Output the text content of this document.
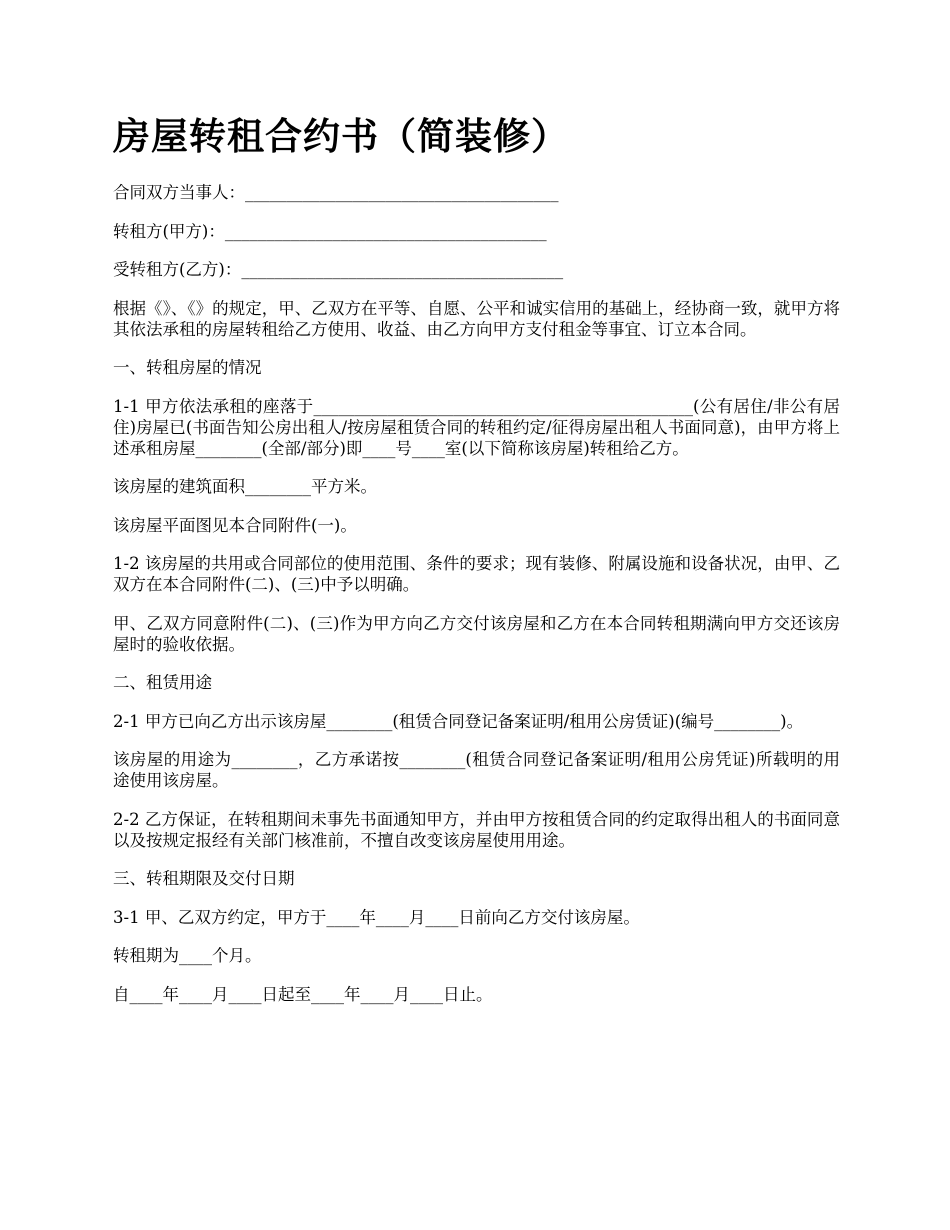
房屋转租合约书（简装修）

合同双方当事人：______________________________________

转租方(甲方)：_______________________________________

受转租方(乙方)：_______________________________________

根据《》、《》的规定，甲、乙双方在平等、自愿、公平和诚实信用的基础上，经协商一致，就甲方将其依法承租的房屋转租给乙方使用、收益、由乙方向甲方支付租金等事宜、订立本合同。

一、转租房屋的情况

1-1 甲方依法承租的座落于______________________________________________(公有居住/非公有居住)房屋已(书面告知公房出租人/按房屋租赁合同的转租约定/征得房屋出租人书面同意)，由甲方将上述承租房屋________(全部/部分)即____号____室(以下简称该房屋)转租给乙方。

该房屋的建筑面积________平方米。

该房屋平面图见本合同附件(一)。

1-2 该房屋的共用或合同部位的使用范围、条件的要求；现有装修、附属设施和设备状况，由甲、乙双方在本合同附件(二)、(三)中予以明确。

甲、乙双方同意附件(二)、(三)作为甲方向乙方交付该房屋和乙方在本合同转租期满向甲方交还该房屋时的验收依据。

二、租赁用途

2-1 甲方已向乙方出示该房屋________(租赁合同登记备案证明/租用公房赁证)(编号________)。

该房屋的用途为________，乙方承诺按________(租赁合同登记备案证明/租用公房凭证)所载明的用途使用该房屋。

2-2 乙方保证，在转租期间未事先书面通知甲方，并由甲方按租赁合同的约定取得出租人的书面同意以及按规定报经有关部门核准前，不擅自改变该房屋使用用途。

三、转租期限及交付日期

3-1 甲、乙双方约定，甲方于____年____月____日前向乙方交付该房屋。

转租期为____个月。

自____年____月____日起至____年____月____日止。
